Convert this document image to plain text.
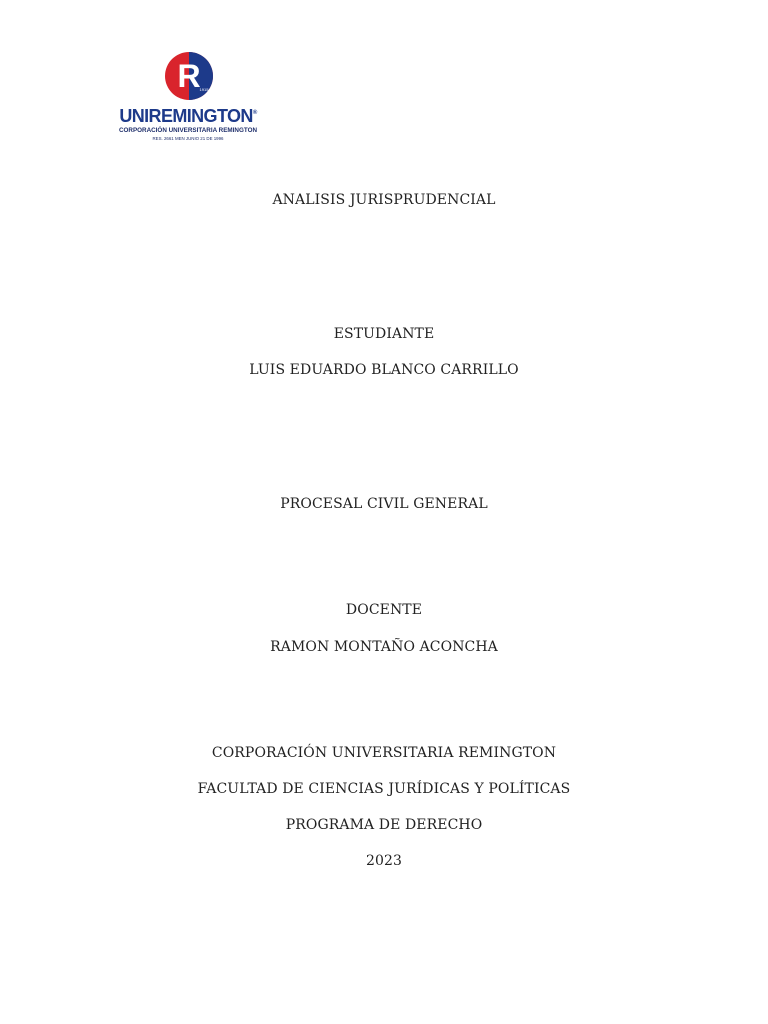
R
1915
UNIREMINGTON®
CORPORACIÓN UNIVERSITARIA REMINGTON
RES. 2661 MEN JUNIO 21 DE 1996
ANALISIS JURISPRUDENCIAL
ESTUDIANTE
LUIS EDUARDO BLANCO CARRILLO
PROCESAL CIVIL GENERAL
DOCENTE
RAMON MONTAÑO ACONCHA
CORPORACIÓN UNIVERSITARIA REMINGTON
FACULTAD DE CIENCIAS JURÍDICAS Y POLÍTICAS
PROGRAMA DE DERECHO
2023
